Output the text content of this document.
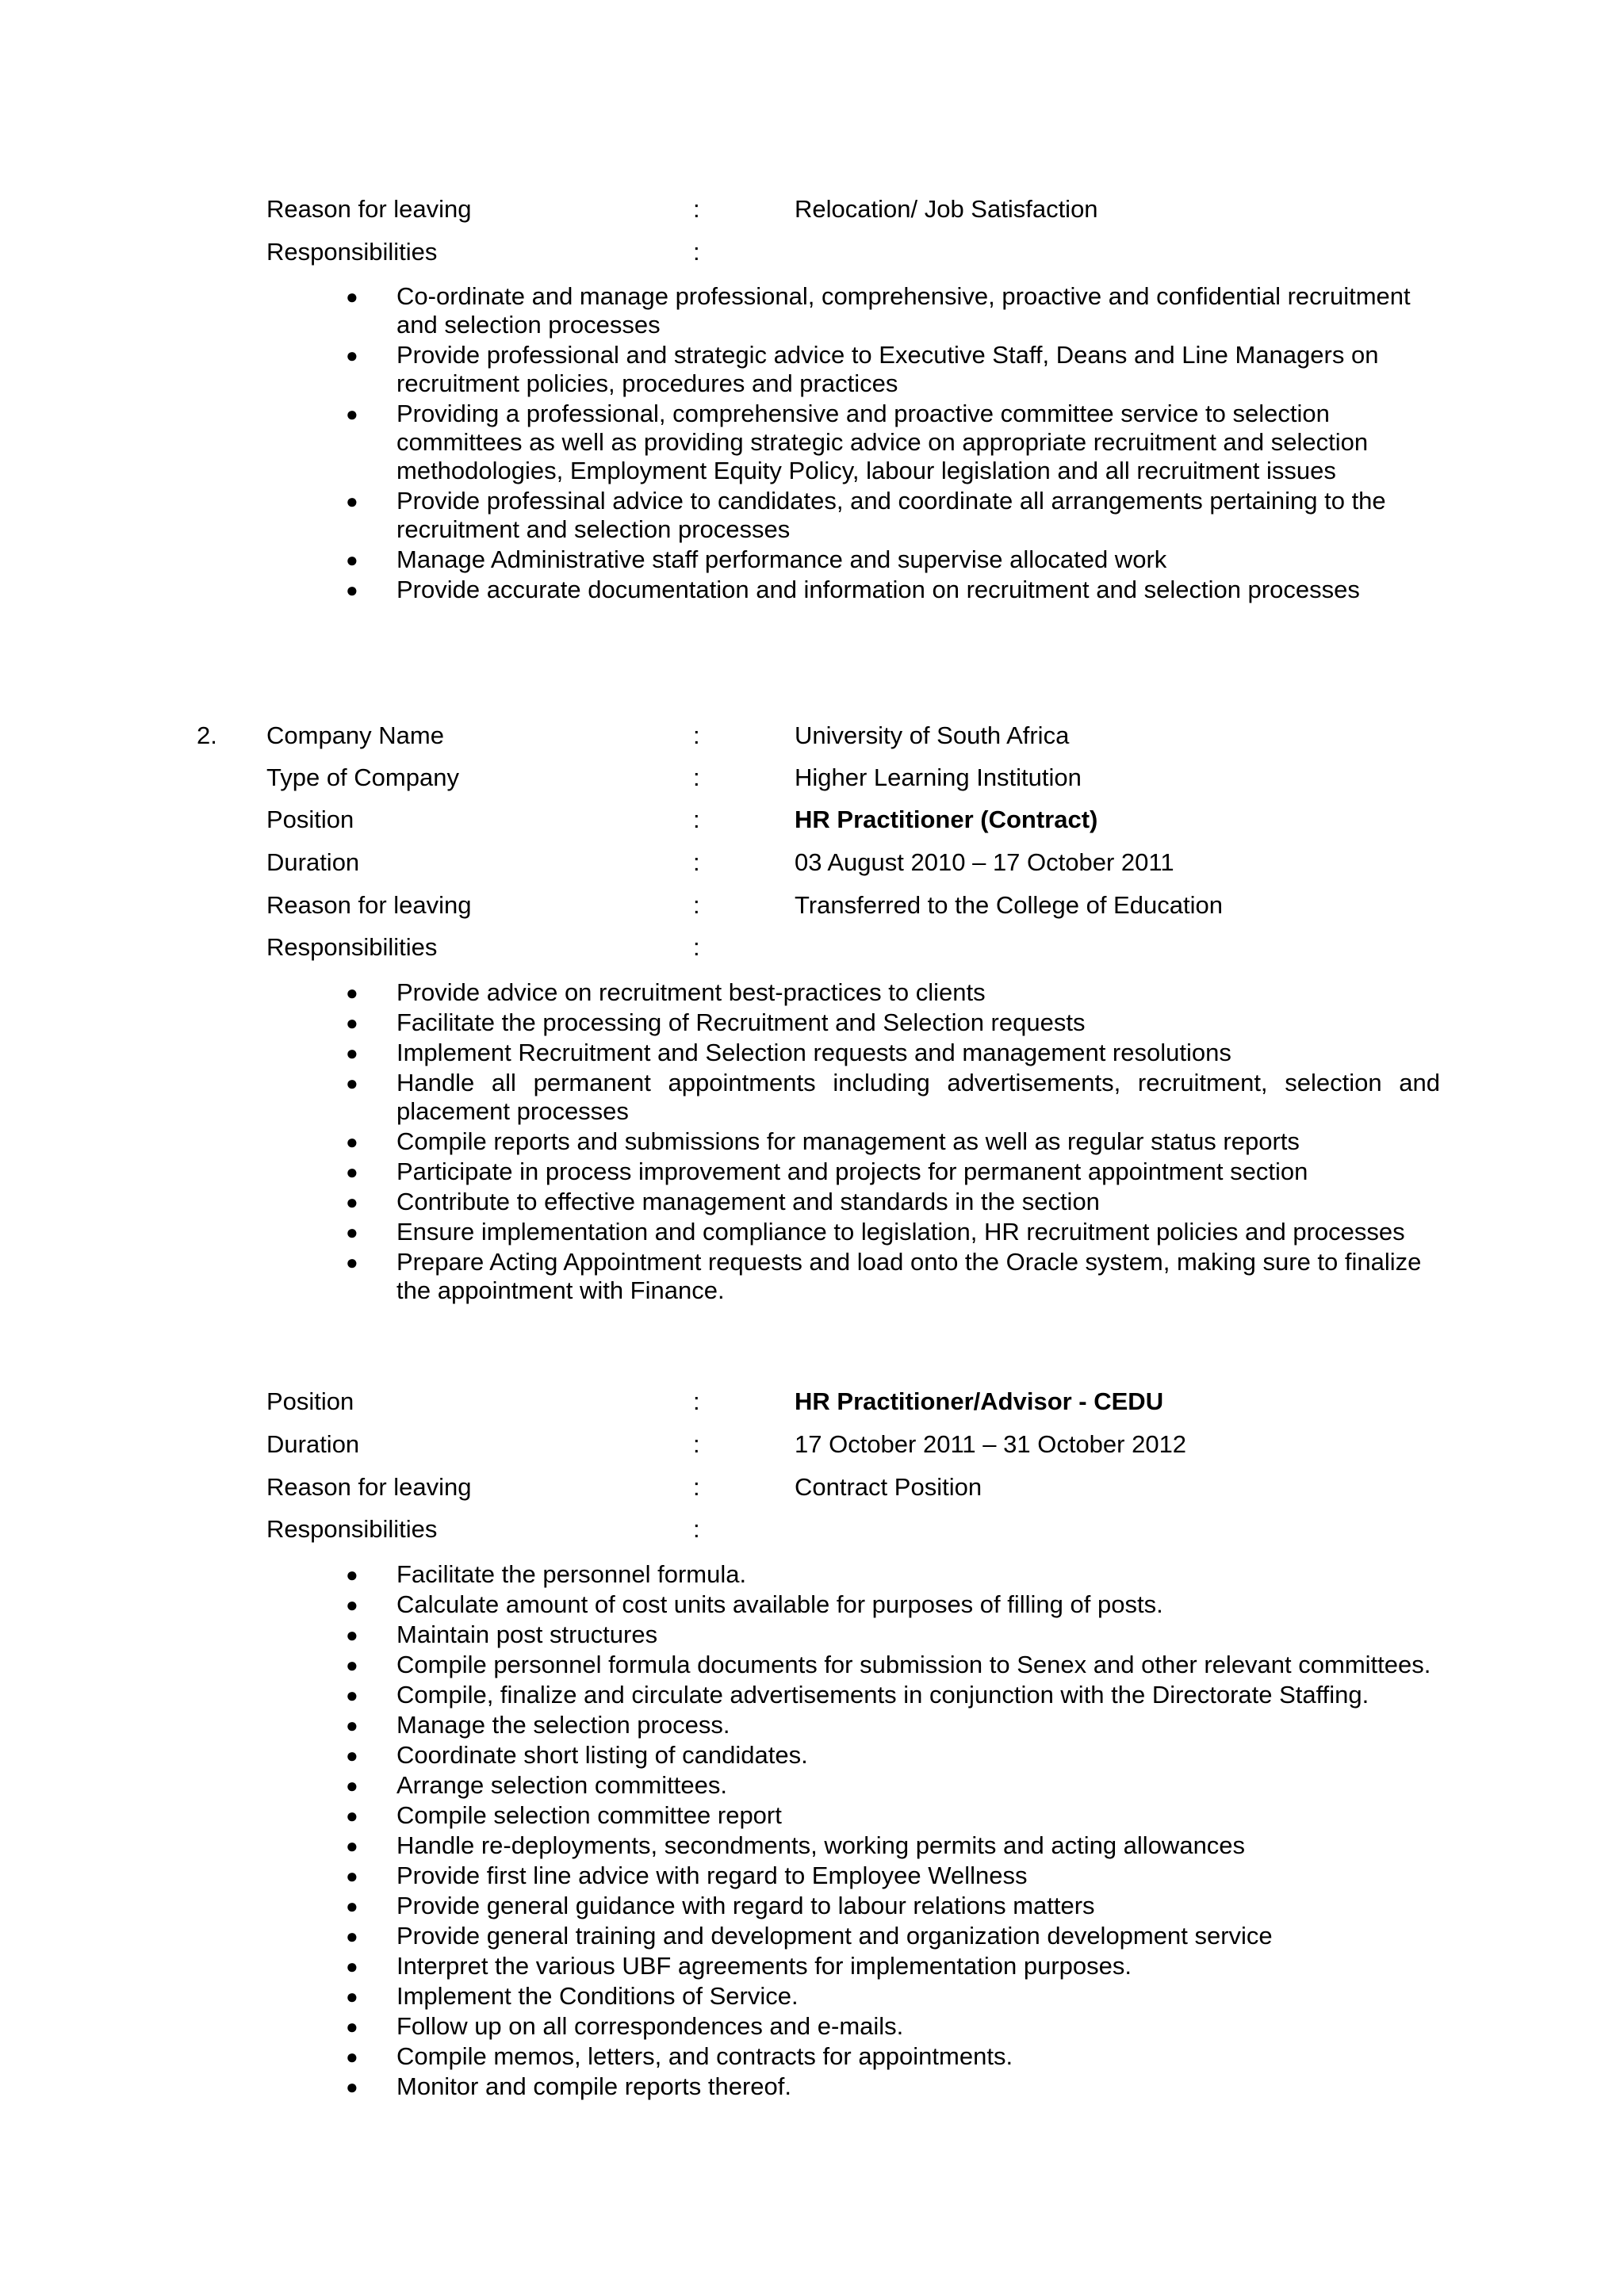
Reason for leaving	:	Relocation/ Job Satisfaction
Responsibilities	:
● Co-ordinate and manage professional, comprehensive, proactive and confidential recruitment and selection processes
● Provide professional and strategic advice to Executive Staff, Deans and Line Managers on recruitment policies, procedures and practices
● Providing a professional, comprehensive and proactive committee service to selection committees as well as providing strategic advice on appropriate recruitment and selection methodologies, Employment Equity Policy, labour legislation and all recruitment issues
● Provide professinal advice to candidates, and coordinate all arrangements pertaining to the recruitment and selection processes
● Manage Administrative staff performance and supervise allocated work
● Provide accurate documentation and information on recruitment and selection processes
2. Company Name	:	University of South Africa
Type of Company	:	Higher Learning Institution
Position	:	HR Practitioner (Contract)
Duration	:	03 August 2010 – 17 October 2011
Reason for leaving	:	Transferred to the College of Education
Responsibilities	:
● Provide advice on recruitment best-practices to clients
● Facilitate the processing of Recruitment and Selection requests
● Implement Recruitment and Selection requests and management resolutions
● Handle all permanent appointments including advertisements, recruitment, selection and placement processes
● Compile reports and submissions for management as well as regular status reports
● Participate in process improvement and projects for permanent appointment section
● Contribute to effective management and standards in the section
● Ensure implementation and compliance to legislation, HR recruitment policies and processes
● Prepare Acting Appointment requests and load onto the Oracle system, making sure to finalize the appointment with Finance.
Position	:	HR Practitioner/Advisor - CEDU
Duration	:	17 October 2011 – 31 October 2012
Reason for leaving	:	Contract Position
Responsibilities	:
● Facilitate the personnel formula.
● Calculate amount of cost units available for purposes of filling of posts.
● Maintain post structures
● Compile personnel formula documents for submission to Senex and other relevant committees.
● Compile, finalize and circulate advertisements in conjunction with the Directorate Staffing.
● Manage the selection process.
● Coordinate short listing of candidates.
● Arrange selection committees.
● Compile selection committee report
● Handle re-deployments, secondments, working permits and acting allowances
● Provide first line advice with regard to Employee Wellness
● Provide general guidance with regard to labour relations matters
● Provide general training and development and organization development service
● Interpret the various UBF agreements for implementation purposes.
● Implement the Conditions of Service.
● Follow up on all correspondences and e-mails.
● Compile memos, letters, and contracts for appointments.
● Monitor and compile reports thereof.
